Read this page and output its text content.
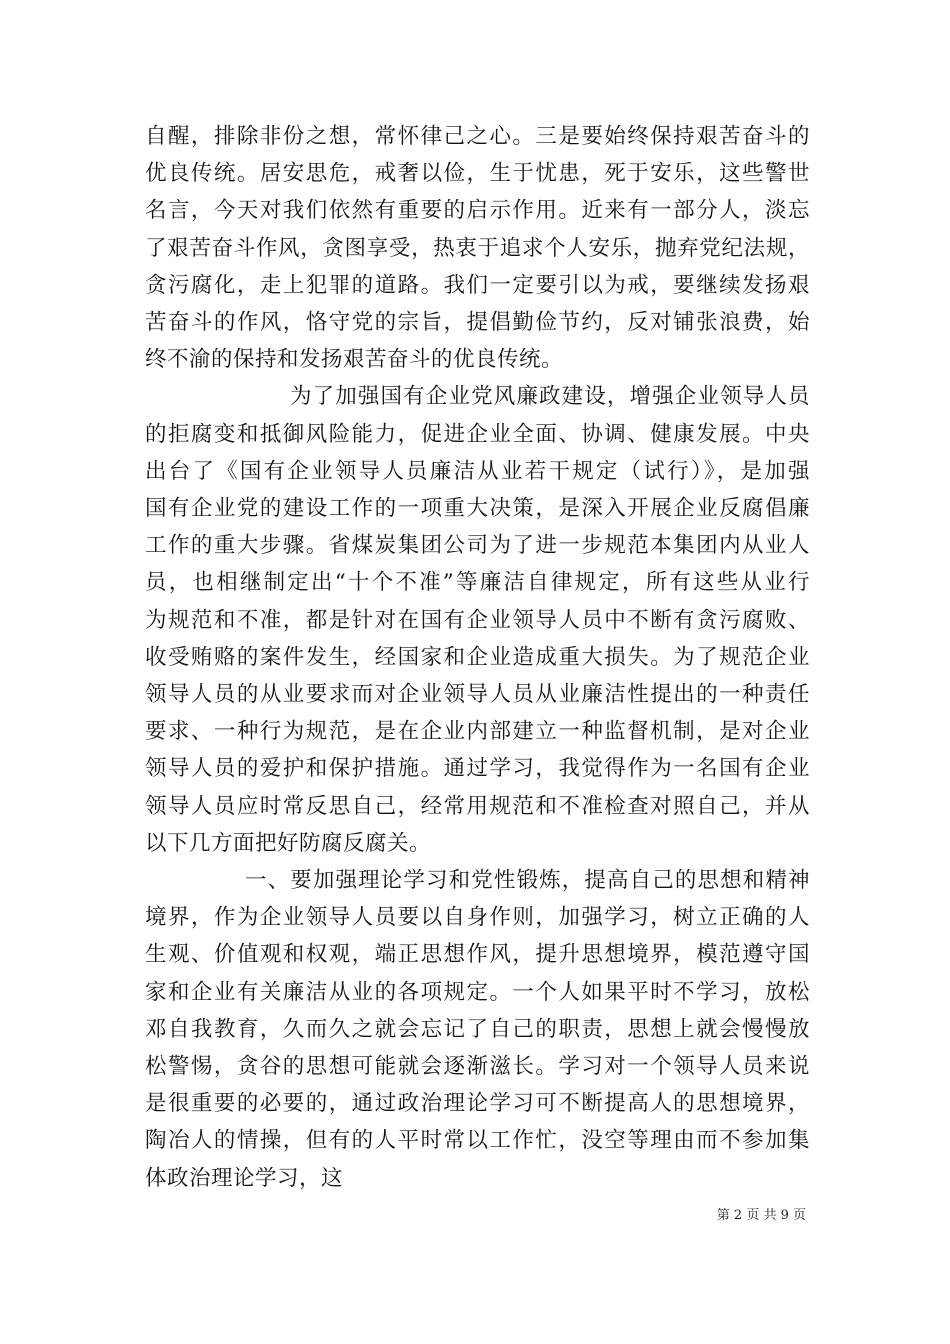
自醒，排除非份之想，常怀律己之心。三是要始终保持艰苦奋斗的
优良传统。居安思危，戒奢以俭，生于忧患，死于安乐，这些警世
名言，今天对我们依然有重要的启示作用。近来有一部分人，淡忘
了艰苦奋斗作风，贪图享受，热衷于追求个人安乐，抛弃党纪法规，
贪污腐化，走上犯罪的道路。我们一定要引以为戒，要继续发扬艰
苦奋斗的作风，恪守党的宗旨，提倡勤俭节约，反对铺张浪费，始
终不渝的保持和发扬艰苦奋斗的优良传统。
为了加强国有企业党风廉政建设，增强企业领导人员
的拒腐变和抵御风险能力，促进企业全面、协调、健康发展。中央
出台了《国有企业领导人员廉洁从业若干规定（试行）》，是加强
国有企业党的建设工作的一项重大决策，是深入开展企业反腐倡廉
工作的重大步骤。省煤炭集团公司为了进一步规范本集团内从业人
员，也相继制定出“十个不准”等廉洁自律规定，所有这些从业行
为规范和不准，都是针对在国有企业领导人员中不断有贪污腐败、
收受贿赂的案件发生，经国家和企业造成重大损失。为了规范企业
领导人员的从业要求而对企业领导人员从业廉洁性提出的一种责任
要求、一种行为规范，是在企业内部建立一种监督机制，是对企业
领导人员的爱护和保护措施。通过学习，我觉得作为一名国有企业
领导人员应时常反思自己，经常用规范和不准检查对照自己，并从
以下几方面把好防腐反腐关。
一、要加强理论学习和党性锻炼，提高自己的思想和精神
境界，作为企业领导人员要以自身作则，加强学习，树立正确的人
生观、价值观和权观，端正思想作风，提升思想境界，模范遵守国
家和企业有关廉洁从业的各项规定。一个人如果平时不学习，放松
邓自我教育，久而久之就会忘记了自己的职责，思想上就会慢慢放
松警惕，贪谷的思想可能就会逐渐滋长。学习对一个领导人员来说
是很重要的必要的，通过政治理论学习可不断提高人的思想境界，
陶冶人的情操，但有的人平时常以工作忙，没空等理由而不参加集
体政治理论学习，这
第 2 页 共 9 页
